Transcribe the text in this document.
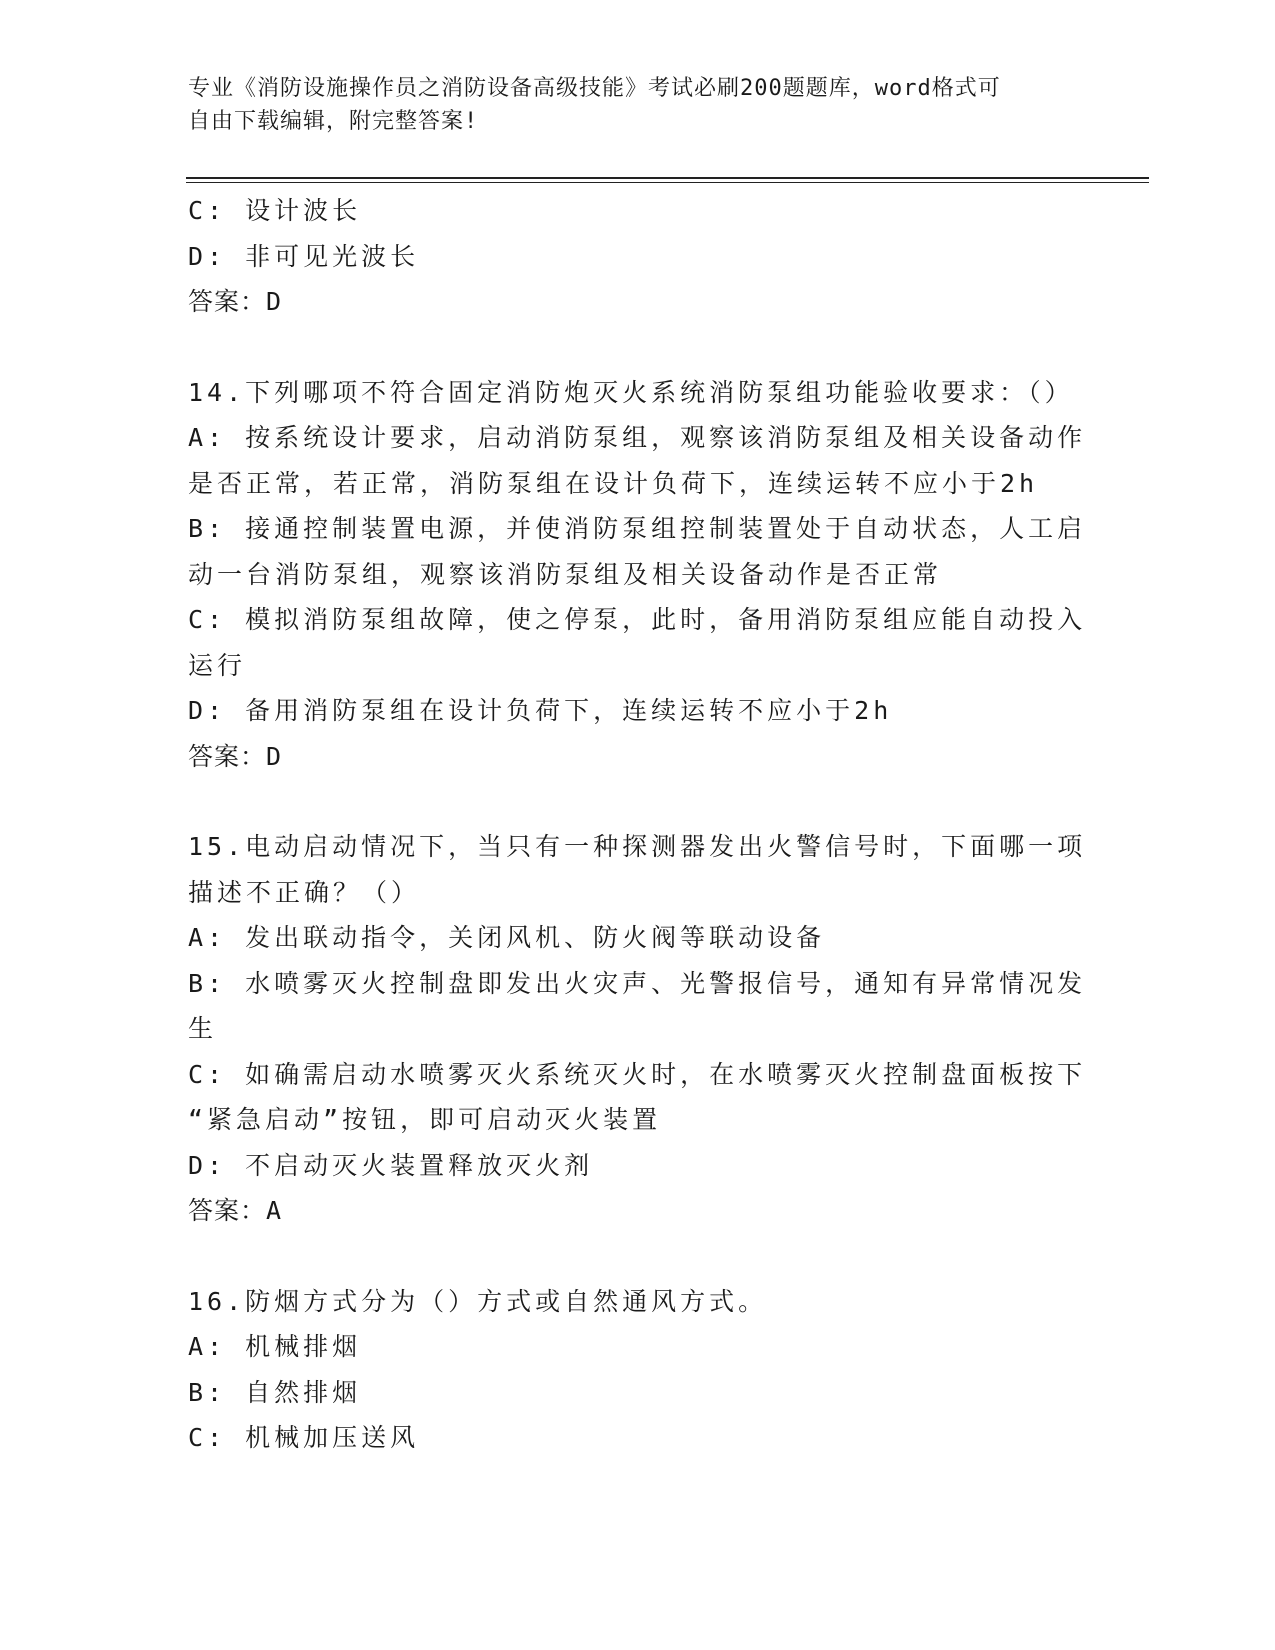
专业《消防设施操作员之消防设备高级技能》考试必刷200题题库，word格式可
自由下载编辑，附完整答案!
C: 设计波长
D: 非可见光波长
答案：D
14.下列哪项不符合固定消防炮灭火系统消防泵组功能验收要求：（）
A: 按系统设计要求，启动消防泵组，观察该消防泵组及相关设备动作
是否正常，若正常，消防泵组在设计负荷下，连续运转不应小于2h
B: 接通控制装置电源，并使消防泵组控制装置处于自动状态，人工启
动一台消防泵组，观察该消防泵组及相关设备动作是否正常
C: 模拟消防泵组故障，使之停泵，此时，备用消防泵组应能自动投入
运行
D: 备用消防泵组在设计负荷下，连续运转不应小于2h
答案：D
15.电动启动情况下，当只有一种探测器发出火警信号时，下面哪一项
描述不正确？（）
A: 发出联动指令，关闭风机、防火阀等联动设备
B: 水喷雾灭火控制盘即发出火灾声、光警报信号，通知有异常情况发
生
C: 如确需启动水喷雾灭火系统灭火时，在水喷雾灭火控制盘面板按下
“紧急启动”按钮，即可启动灭火装置
D: 不启动灭火装置释放灭火剂
答案：A
16.防烟方式分为（）方式或自然通风方式。
A: 机械排烟
B: 自然排烟
C: 机械加压送风
